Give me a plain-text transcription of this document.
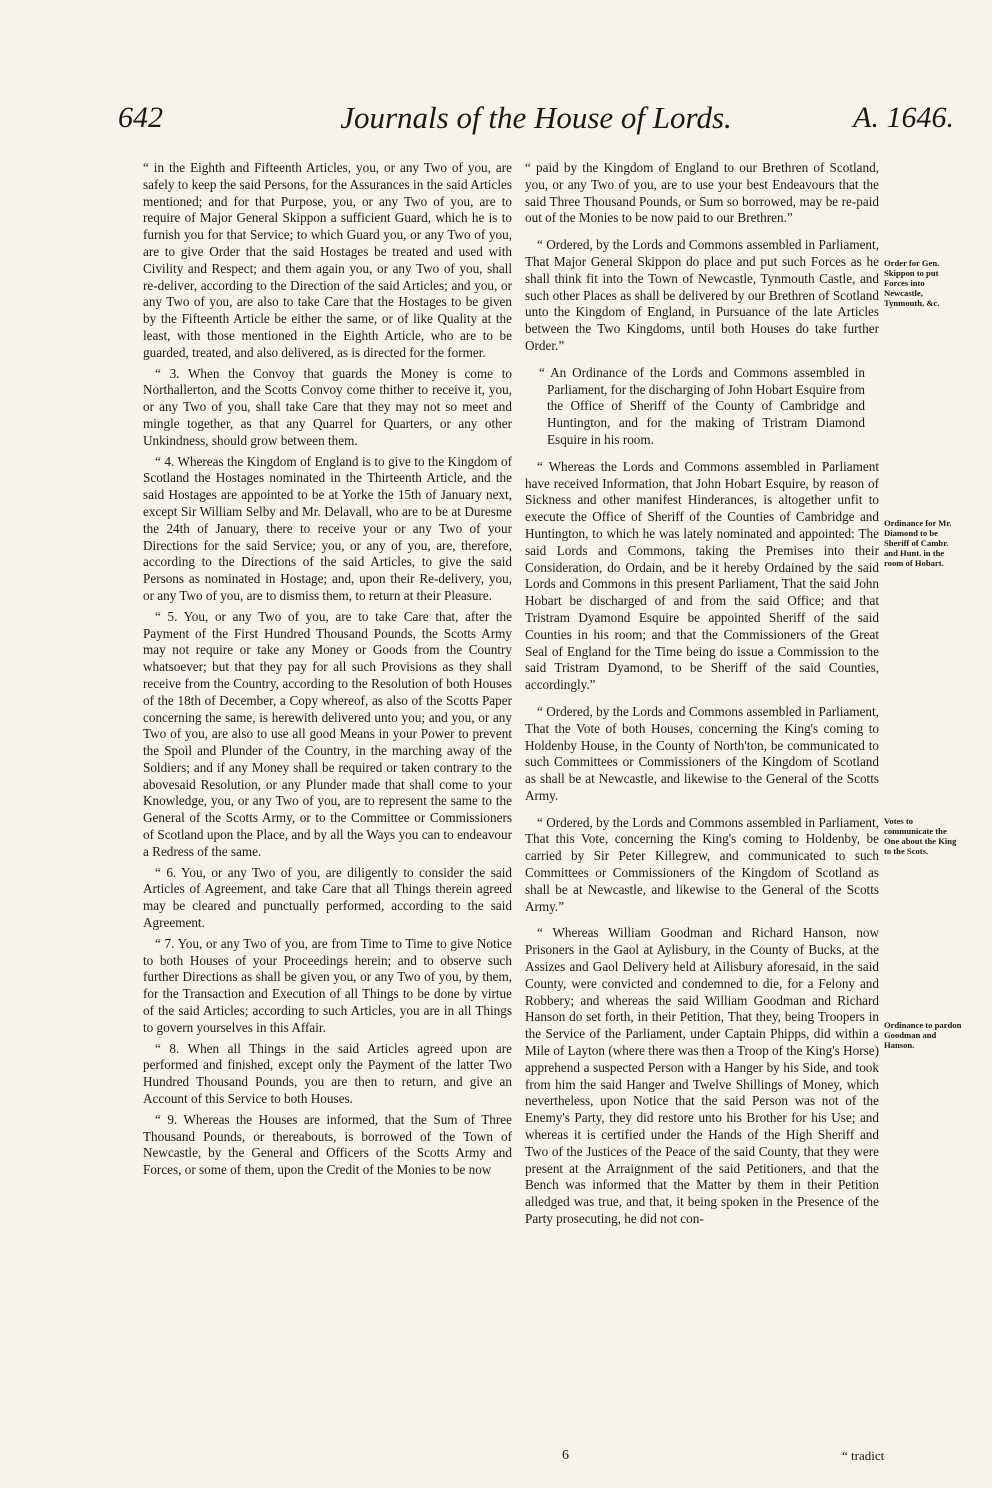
642	Journals of the House of Lords.	A. 1646.

“ in the Eighth and Fifteenth Articles, you, or any Two of you, are safely to keep the said Persons, for the Assurances in the said Articles mentioned; and for that Purpose, you, or any Two of you, are to require of Major General Skippon a sufficient Guard, which he is to furnish you for that Service; to which Guard you, or any Two of you, are to give Order that the said Hostages be treated and used with Civility and Respect; and them again you, or any Two of you, shall re-deliver, according to the Direction of the said Articles; and you, or any Two of you, are also to take Care that the Hostages to be given by the Fifteenth Article be either the same, or of like Quality at the least, with those mentioned in the Eighth Article, who are to be guarded, treated, and also delivered, as is directed for the former.

“ 3. When the Convoy that guards the Money is come to Northallerton, and the Scotts Convoy come thither to receive it, you, or any Two of you, shall take Care that they may not so meet and mingle together, as that any Quarrel for Quarters, or any other Unkindness, should grow between them.

“ 4. Whereas the Kingdom of England is to give to the Kingdom of Scotland the Hostages nominated in the Thirteenth Article, and the said Hostages are appointed to be at Yorke the 15th of January next, except Sir William Selby and Mr. Delavall, who are to be at Duresme the 24th of January, there to receive your or any Two of your Directions for the said Service; you, or any of you, are, therefore, according to the Directions of the said Articles, to give the said Persons as nominated in Hostage; and, upon their Re-delivery, you, or any Two of you, are to dismiss them, to return at their Pleasure.

“ 5. You, or any Two of you, are to take Care that, after the Payment of the First Hundred Thousand Pounds, the Scotts Army may not require or take any Money or Goods from the Country whatsoever; but that they pay for all such Provisions as they shall receive from the Country, according to the Resolution of both Houses of the 18th of December, a Copy whereof, as also of the Scotts Paper concerning the same, is herewith delivered unto you; and you, or any Two of you, are also to use all good Means in your Power to prevent the Spoil and Plunder of the Country, in the marching away of the Soldiers; and if any Money shall be required or taken contrary to the abovesaid Resolution, or any Plunder made that shall come to your Knowledge, you, or any Two of you, are to represent the same to the General of the Scotts Army, or to the Committee or Commissioners of Scotland upon the Place, and by all the Ways you can to endeavour a Redress of the same.

“ 6. You, or any Two of you, are diligently to consider the said Articles of Agreement, and take Care that all Things therein agreed may be cleared and punctually performed, according to the said Agreement.

“ 7. You, or any Two of you, are from Time to Time to give Notice to both Houses of your Proceedings herein; and to observe such further Directions as shall be given you, or any Two of you, by them, for the Transaction and Execution of all Things to be done by virtue of the said Articles; according to such Articles, you are in all Things to govern yourselves in this Affair.

“ 8. When all Things in the said Articles agreed upon are performed and finished, except only the Payment of the latter Two Hundred Thousand Pounds, you are then to return, and give an Account of this Service to both Houses.

“ 9. Whereas the Houses are informed, that the Sum of Three Thousand Pounds, or thereabouts, is borrowed of the Town of Newcastle, by the General and Officers of the Scotts Army and Forces, or some of them, upon the Credit of the Monies to be now

“ paid by the Kingdom of England to our Brethren of Scotland, you, or any Two of you, are to use your best Endeavours that the said Three Thousand Pounds, or Sum so borrowed, may be re-paid out of the Monies to be now paid to our Brethren.”

“ Ordered, by the Lords and Commons assembled in Parliament, That Major General Skippon do place and put such Forces as he shall think fit into the Town of Newcastle, Tynmouth Castle, and such other Places as shall be delivered by our Brethren of Scotland unto the Kingdom of England, in Pursuance of the late Articles between the Two Kingdoms, until both Houses do take further Order.”

“ An Ordinance of the Lords and Commons assembled in Parliament, for the discharging of John Hobart Esquire from the Office of Sheriff of the County of Cambridge and Huntington, and for the making of Tristram Diamond Esquire in his room.

“ Whereas the Lords and Commons assembled in Parliament have received Information, that John Hobart Esquire, by reason of Sickness and other manifest Hinderances, is altogether unfit to execute the Office of Sheriff of the Counties of Cambridge and Huntington, to which he was lately nominated and appointed: The said Lords and Commons, taking the Premises into their Consideration, do Ordain, and be it hereby Ordained by the said Lords and Commons in this present Parliament, That the said John Hobart be discharged of and from the said Office; and that Tristram Dyamond Esquire be appointed Sheriff of the said Counties in his room; and that the Commissioners of the Great Seal of England for the Time being do issue a Commission to the said Tristram Dyamond, to be Sheriff of the said Counties, accordingly.”

“ Ordered, by the Lords and Commons assembled in Parliament, That the Vote of both Houses, concerning the King's coming to Holdenby House, in the County of North'ton, be communicated to such Committees or Commissioners of the Kingdom of Scotland as shall be at Newcastle, and likewise to the General of the Scotts Army.

“ Ordered, by the Lords and Commons assembled in Parliament, That this Vote, concerning the King's coming to Holdenby, be carried by Sir Peter Killegrew, and communicated to such Committees or Commissioners of the Kingdom of Scotland as shall be at Newcastle, and likewise to the General of the Scotts Army.”

“ Whereas William Goodman and Richard Hanson, now Prisoners in the Gaol at Aylisbury, in the County of Bucks, at the Assizes and Gaol Delivery held at Ailisbury aforesaid, in the said County, were convicted and condemned to die, for a Felony and Robbery; and whereas the said William Goodman and Richard Hanson do set forth, in their Petition, That they, being Troopers in the Service of the Parliament, under Captain Phipps, did within a Mile of Layton (where there was then a Troop of the King's Horse) apprehend a suspected Person with a Hanger by his Side, and took from him the said Hanger and Twelve Shillings of Money, which nevertheless, upon Notice that the said Person was not of the Enemy's Party, they did restore unto his Brother for his Use; and whereas it is certified under the Hands of the High Sheriff and Two of the Justices of the Peace of the said County, that they were present at the Arraignment of the said Petitioners, and that the Bench was informed that the Matter by them in their Petition alledged was true, and that, it being spoken in the Presence of the Party prosecuting, he did not con-

Order for Gen. Skippon to put Forces into Newcastle, Tynmouth, &c.
Ordinance for Mr. Diamond to be Sheriff of Cambr. and Hunt. in the room of Hobart.
Votes to communicate the One about the King to the Scots.
Ordinance to pardon Goodman and Hanson.
6	“ tradict
